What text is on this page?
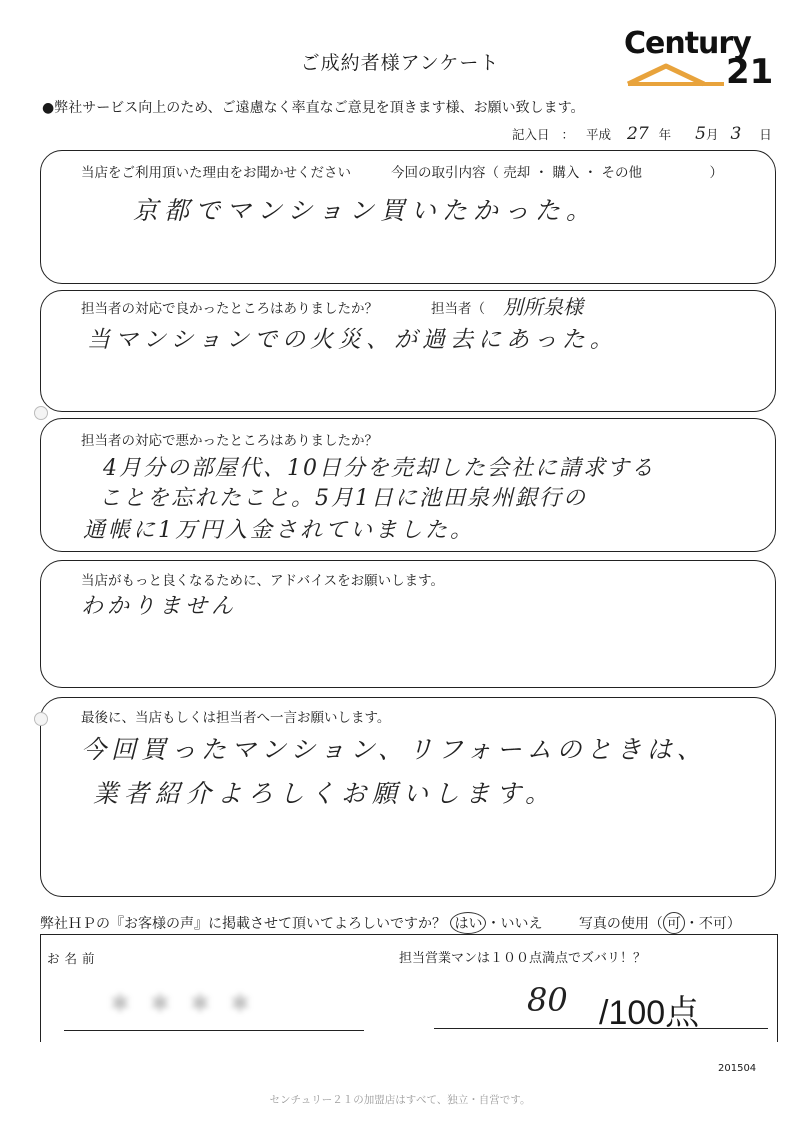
ご成約者様アンケート
Century
21
●弊社サービス向上のため、ご遠慮なく率直なご意見を頂きます様、お願い致します。
記入日 ： 平成 27 年 5月 3 日
当店をご利用頂いた理由をお聞かせください	今回の取引内容（ 売却 ・ 購入 ・ その他　　　　　）
京都でマンション買いたかった。
担当者の対応で良かったところはありましたか？	担当者（ 別所泉様
当マンションでの火災、が過去にあった。
担当者の対応で悪かったところはありましたか？
4月分の部屋代、10日分を売却した会社に請求する
ことを忘れたこと。5月1日に池田泉州銀行の
通帳に1万円入金されていました。
当店がもっと良くなるために、アドバイスをお願いします。
わかりません
最後に、当店もしくは担当者へ一言お願いします。
今回買ったマンション、リフォームのときは、
業者紹介よろしくお願いします。
弊社ＨＰの『お客様の声』に掲載させて頂いてよろしいですか？ はい ・いいえ	写真の使用（ 可 ・不可）
お名前	担当営業マンは１００点満点でズバリ！？
＊＊＊＊	80 /100点
201504
センチュリー２１の加盟店はすべて、独立・自営です。
